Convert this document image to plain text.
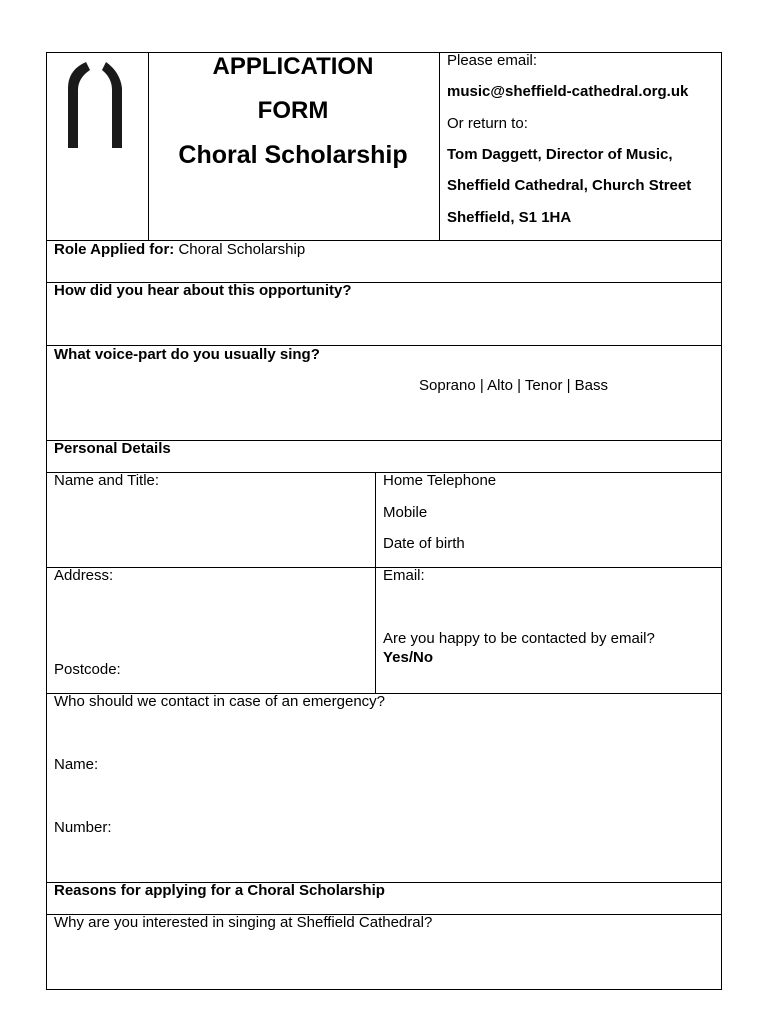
APPLICATION
FORM
Choral Scholarship
Please email:
music@sheffield-cathedral.org.uk
Or return to:
Tom Daggett, Director of Music,
Sheffield Cathedral, Church Street
Sheffield, S1 1HA
Role Applied for: Choral Scholarship
How did you hear about this opportunity?
What voice-part do you usually sing?
Soprano | Alto | Tenor | Bass
Personal Details
Name and Title:	Home Telephone
Mobile
Date of birth
Address:
Postcode:
Email:
Are you happy to be contacted by email?
Yes/No
Who should we contact in case of an emergency?
Name:
Number:
Reasons for applying for a Choral Scholarship
Why are you interested in singing at Sheffield Cathedral?
